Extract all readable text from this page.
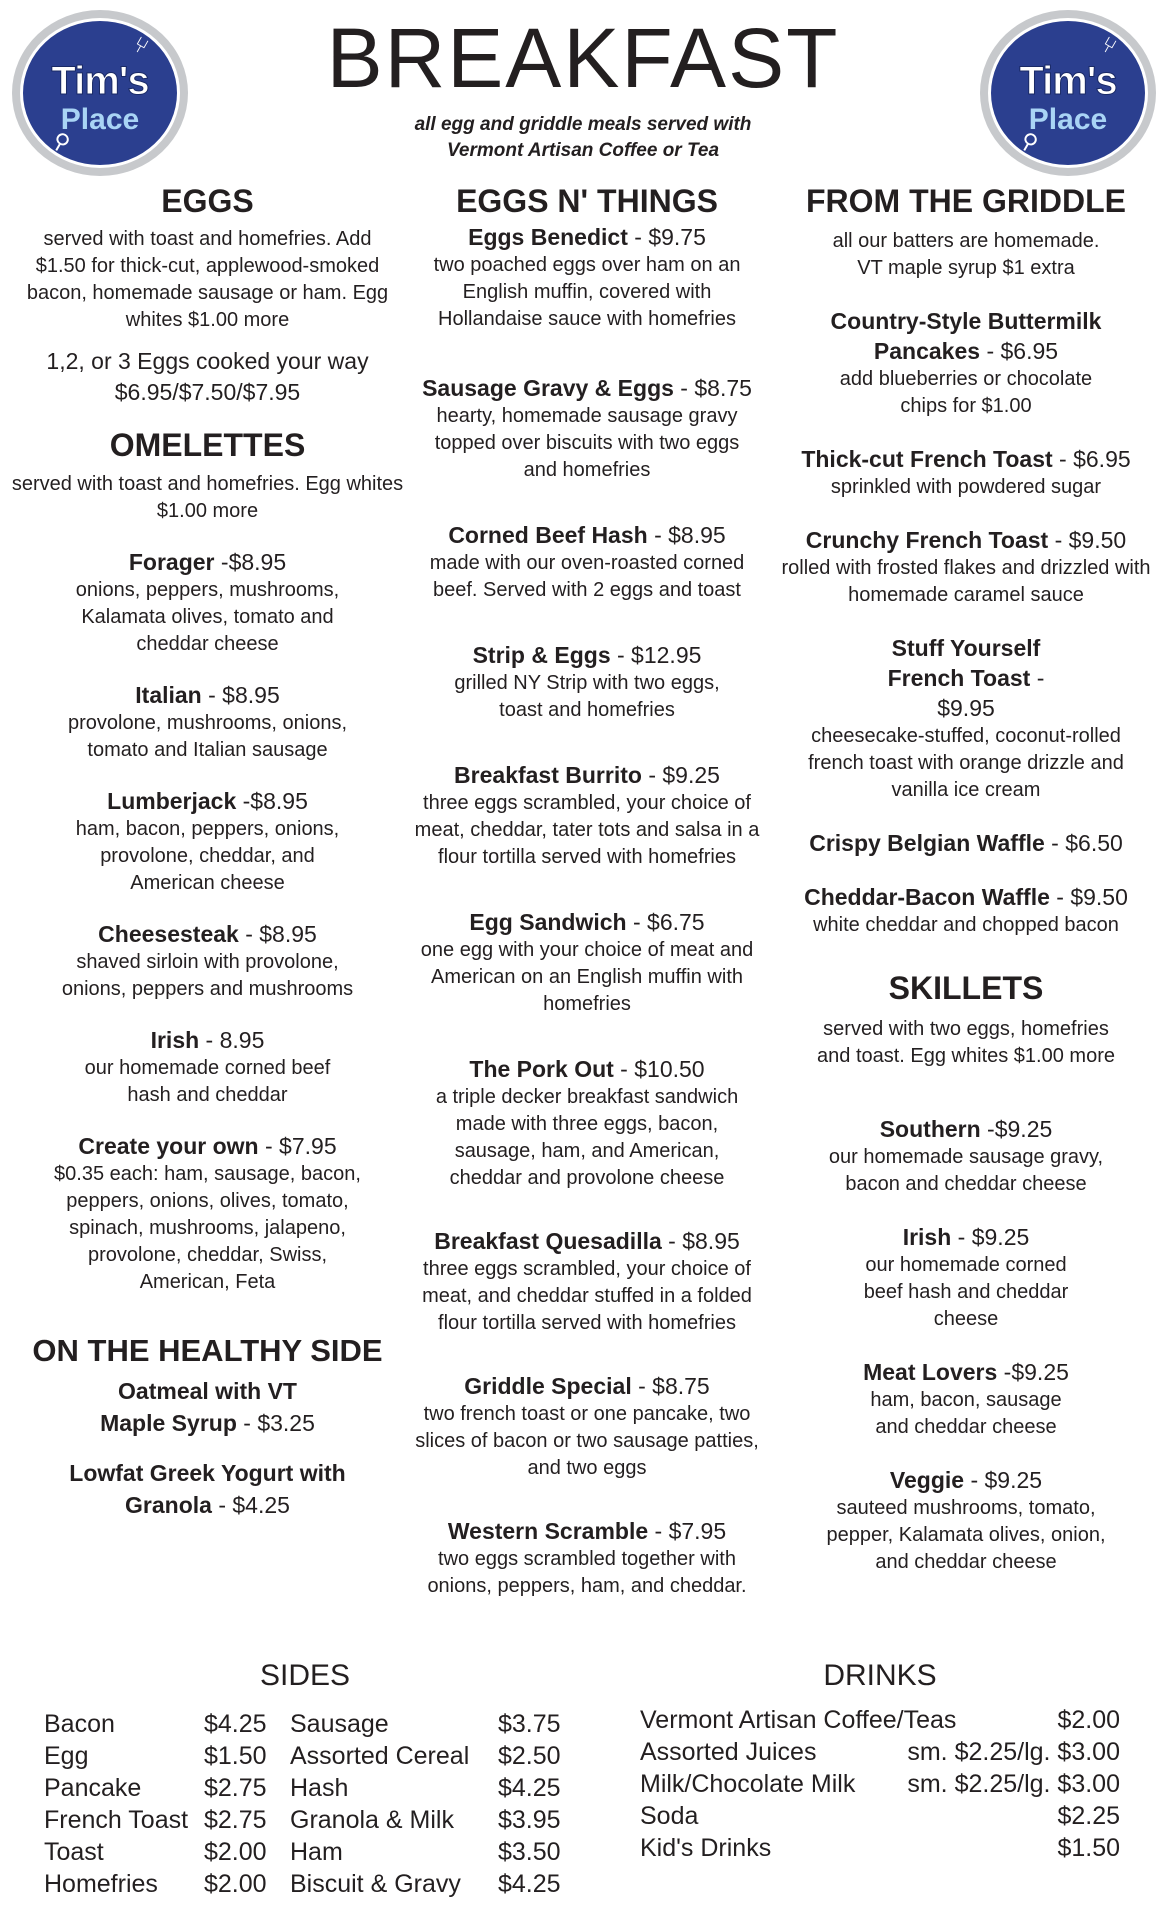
⑂
Tim's
Place
⚲
⑂
Tim's
Place
⚲
BREAKFAST
all egg and griddle meals served with
Vermont Artisan Coffee or Tea
EGGS
served with toast and homefries. Add $1.50 for thick-cut, applewood-smoked bacon, homemade sausage or ham. Egg whites $1.00 more
1,2, or 3 Eggs cooked your way
$6.95/$7.50/$7.95
OMELETTES
served with toast and homefries. Egg whites $1.00 more
Forager -$8.95
onions, peppers, mushrooms, Kalamata olives, tomato and cheddar cheese
Italian - $8.95
provolone, mushrooms, onions, tomato and Italian sausage
Lumberjack -$8.95
ham, bacon, peppers, onions, provolone, cheddar, and American cheese
Cheesesteak - $8.95
shaved sirloin with provolone, onions, peppers and mushrooms
Irish - 8.95
our homemade corned beef hash and cheddar
Create your own - $7.95
$0.35 each: ham, sausage, bacon, peppers, onions, olives, tomato, spinach, mushrooms, jalapeno, provolone, cheddar, Swiss, American, Feta
ON THE HEALTHY SIDE
Oatmeal with VT Maple Syrup - $3.25
Lowfat Greek Yogurt with Granola - $4.25
EGGS N' THINGS
Eggs Benedict - $9.75
two poached eggs over ham on an English muffin, covered with Hollandaise sauce with homefries
Sausage Gravy & Eggs - $8.75
hearty, homemade sausage gravy topped over biscuits with two eggs and homefries
Corned Beef Hash - $8.95
made with our oven-roasted corned beef. Served with 2 eggs and toast
Strip & Eggs - $12.95
grilled NY Strip with two eggs, toast and homefries
Breakfast Burrito - $9.25
three eggs scrambled, your choice of meat, cheddar, tater tots and salsa in a flour tortilla served with homefries
Egg Sandwich - $6.75
one egg with your choice of meat and American on an English muffin with homefries
The Pork Out - $10.50
a triple decker breakfast sandwich made with three eggs, bacon, sausage, ham, and American, cheddar and provolone cheese
Breakfast Quesadilla - $8.95
three eggs scrambled, your choice of meat, and cheddar stuffed in a folded flour tortilla served with homefries
Griddle Special - $8.75
two french toast or one pancake, two slices of bacon or two sausage patties, and two eggs
Western Scramble - $7.95
two eggs scrambled together with onions, peppers, ham, and cheddar.
FROM THE GRIDDLE
all our batters are homemade.
VT maple syrup $1 extra
Country-Style Buttermilk Pancakes - $6.95
add blueberries or chocolate chips for $1.00
Thick-cut French Toast - $6.95
sprinkled with powdered sugar
Crunchy French Toast - $9.50
rolled with frosted flakes and drizzled with homemade caramel sauce
Stuff Yourself French Toast - $9.95
cheesecake-stuffed, coconut-rolled french toast with orange drizzle and vanilla ice cream
Crispy Belgian Waffle - $6.50
Cheddar-Bacon Waffle - $9.50
white cheddar and chopped bacon
SKILLETS
served with two eggs, homefries and toast. Egg whites $1.00 more
Southern -$9.25
our homemade sausage gravy, bacon and cheddar cheese
Irish - $9.25
our homemade corned beef hash and cheddar cheese
Meat Lovers -$9.25
ham, bacon, sausage and cheddar cheese
Veggie - $9.25
sauteed mushrooms, tomato, pepper, Kalamata olives, onion, and cheddar cheese
SIDES
Bacon	$4.25 Sausage	$3.75
Egg	$1.50 Assorted Cereal	$2.50
Pancake	$2.75 Hash	$4.25
French Toast $2.75 Granola & Milk	$3.95
Toast	$2.00 Ham	$3.50
Homefries	$2.00 Biscuit & Gravy	$4.25
DRINKS
Vermont Artisan Coffee/Teas	$2.00
Assorted Juices	sm. $2.25/lg. $3.00
Milk/Chocolate Milk sm. $2.25/lg. $3.00
Soda	$2.25
Kid's Drinks	$1.50
